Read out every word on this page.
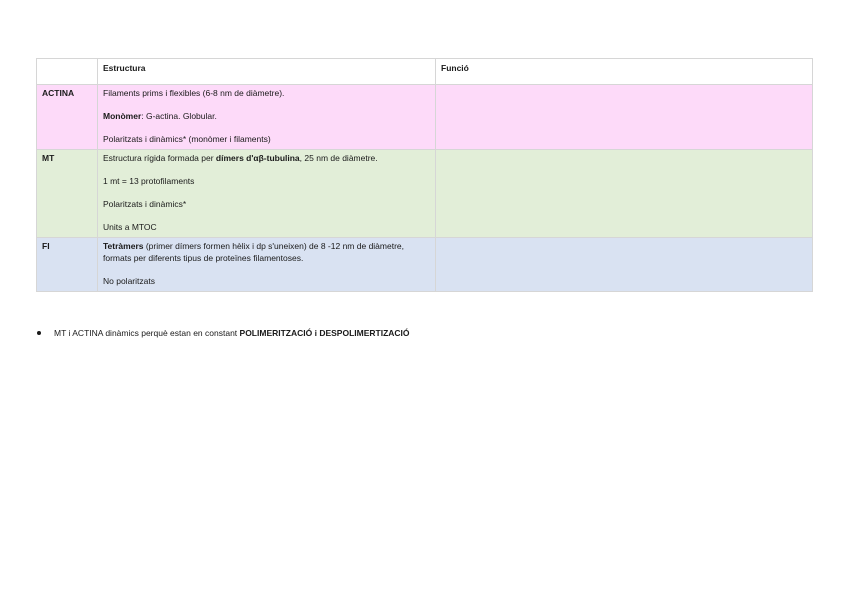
	Estructura	Funció
ACTINA	Filaments prims i flexibles (6-8 nm de diàmetre).
Monòmer: G-actina. Globular.
Polaritzats i dinàmics* (monòmer i filaments)	

MT	Estructura rígida formada per dímers d'αβ-tubulina, 25 nm de diàmetre.
1 mt = 13 protofilaments
Polaritzats i dinàmics*
Units a MTOC	

FI	Tetràmers (primer dímers formen hèlix i dp s'uneixen) de 8 -12 nm de diàmetre, formats per diferents tipus de proteïnes filamentoses.
No polaritzats	

MT i ACTINA dinàmics perquè estan en constant POLIMERITZACIÓ i DESPOLIMERTIZACIÓ
